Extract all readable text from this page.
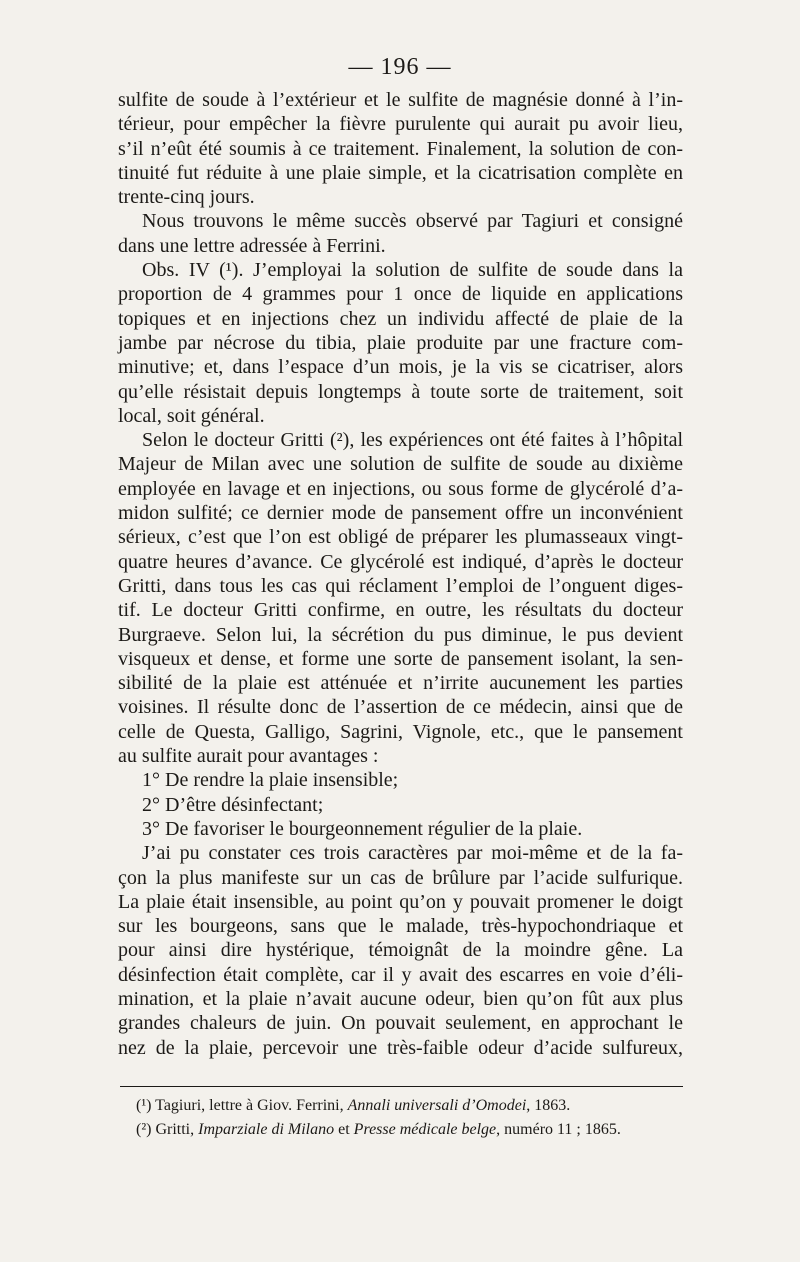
— 196 —
sulfite de soude à l’extérieur et le sulfite de magnésie donné à l’in-
térieur, pour empêcher la fièvre purulente qui aurait pu avoir lieu,
s’il n’eût été soumis à ce traitement. Finalement, la solution de con-
tinuité fut réduite à une plaie simple, et la cicatrisation complète en
trente-cinq jours.
Nous trouvons le même succès observé par Tagiuri et consigné
dans une lettre adressée à Ferrini.
Obs. IV (¹). J’employai la solution de sulfite de soude dans la
proportion de 4 grammes pour 1 once de liquide en applications
topiques et en injections chez un individu affecté de plaie de la
jambe par nécrose du tibia, plaie produite par une fracture com-
minutive; et, dans l’espace d’un mois, je la vis se cicatriser, alors
qu’elle résistait depuis longtemps à toute sorte de traitement, soit
local, soit général.
Selon le docteur Gritti (²), les expériences ont été faites à l’hôpital
Majeur de Milan avec une solution de sulfite de soude au dixième
employée en lavage et en injections, ou sous forme de glycérolé d’a-
midon sulfité; ce dernier mode de pansement offre un inconvénient
sérieux, c’est que l’on est obligé de préparer les plumasseaux vingt-
quatre heures d’avance. Ce glycérolé est indiqué, d’après le docteur
Gritti, dans tous les cas qui réclament l’emploi de l’onguent diges-
tif. Le docteur Gritti confirme, en outre, les résultats du docteur
Burgraeve. Selon lui, la sécrétion du pus diminue, le pus devient
visqueux et dense, et forme une sorte de pansement isolant, la sen-
sibilité de la plaie est atténuée et n’irrite aucunement les parties
voisines. Il résulte donc de l’assertion de ce médecin, ainsi que de
celle de Questa, Galligo, Sagrini, Vignole, etc., que le pansement
au sulfite aurait pour avantages :
1° De rendre la plaie insensible;
2° D’être désinfectant;
3° De favoriser le bourgeonnement régulier de la plaie.
J’ai pu constater ces trois caractères par moi-même et de la fa-
çon la plus manifeste sur un cas de brûlure par l’acide sulfurique.
La plaie était insensible, au point qu’on y pouvait promener le doigt
sur les bourgeons, sans que le malade, très-hypochondriaque et
pour ainsi dire hystérique, témoignât de la moindre gêne. La
désinfection était complète, car il y avait des escarres en voie d’éli-
mination, et la plaie n’avait aucune odeur, bien qu’on fût aux plus
grandes chaleurs de juin. On pouvait seulement, en approchant le
nez de la plaie, percevoir une très-faible odeur d’acide sulfureux,
(¹) Tagiuri, lettre à Giov. Ferrini, Annali universali d’Omodei, 1863.
(²) Gritti, Imparziale di Milano et Presse médicale belge, numéro 11 ; 1865.
